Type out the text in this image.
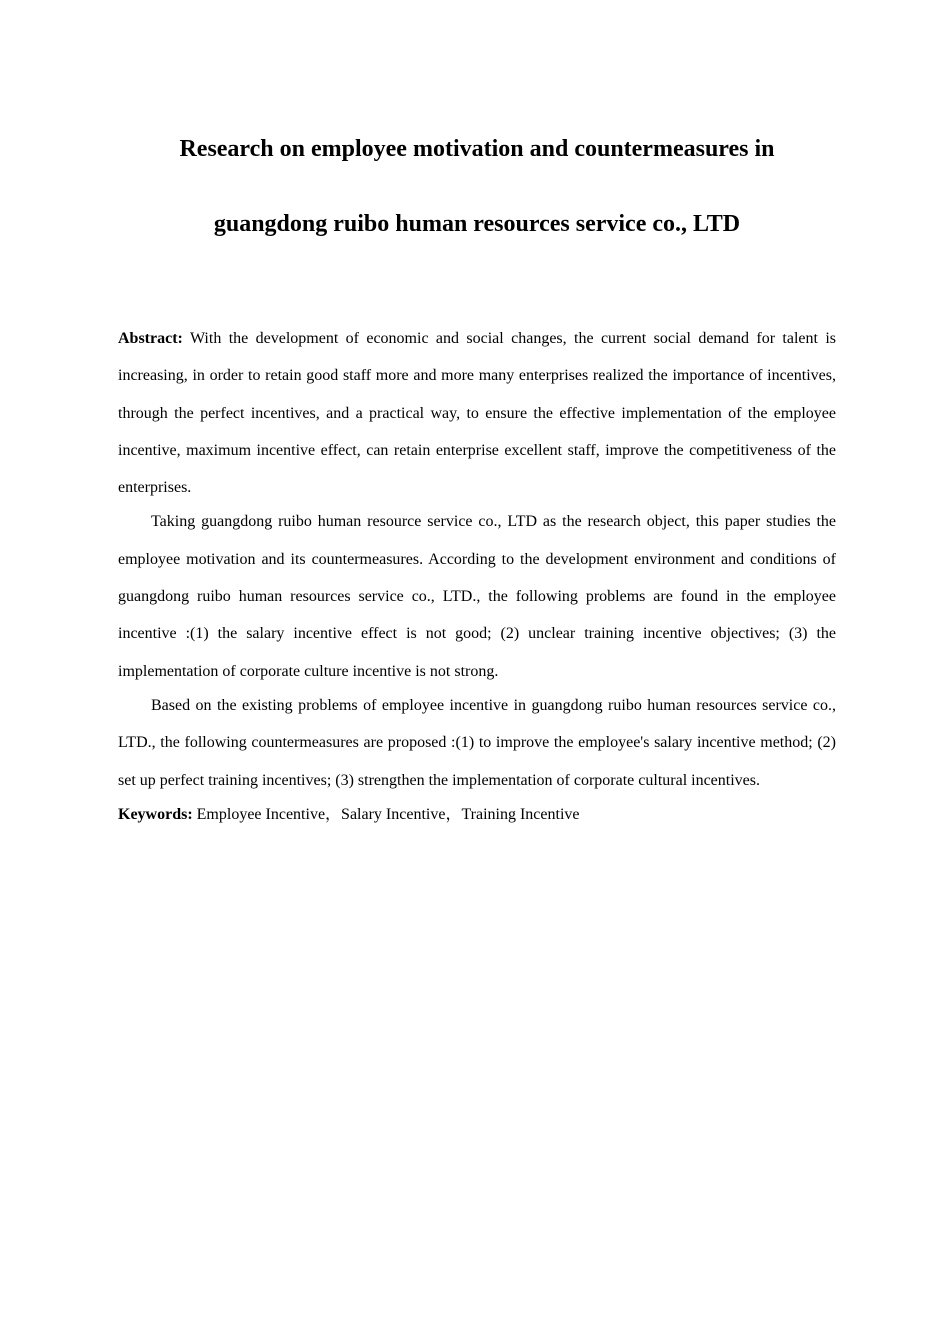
Research on employee motivation and countermeasures in
guangdong ruibo human resources service co., LTD

Abstract: With the development of economic and social changes, the current social demand for talent is increasing, in order to retain good staff more and more many enterprises realized the importance of incentives, through the perfect incentives, and a practical way, to ensure the effective implementation of the employee incentive, maximum incentive effect, can retain enterprise excellent staff, improve the competitiveness of the enterprises.

Taking guangdong ruibo human resource service co., LTD as the research object, this paper studies the employee motivation and its countermeasures. According to the development environment and conditions of guangdong ruibo human resources service co., LTD., the following problems are found in the employee incentive :(1) the salary incentive effect is not good; (2) unclear training incentive objectives; (3) the implementation of corporate culture incentive is not strong.

Based on the existing problems of employee incentive in guangdong ruibo human resources service co., LTD., the following countermeasures are proposed :(1) to improve the employee's salary incentive method; (2) set up perfect training incentives; (3) strengthen the implementation of corporate cultural incentives.

Keywords: Employee Incentive，Salary Incentive，Training Incentive
